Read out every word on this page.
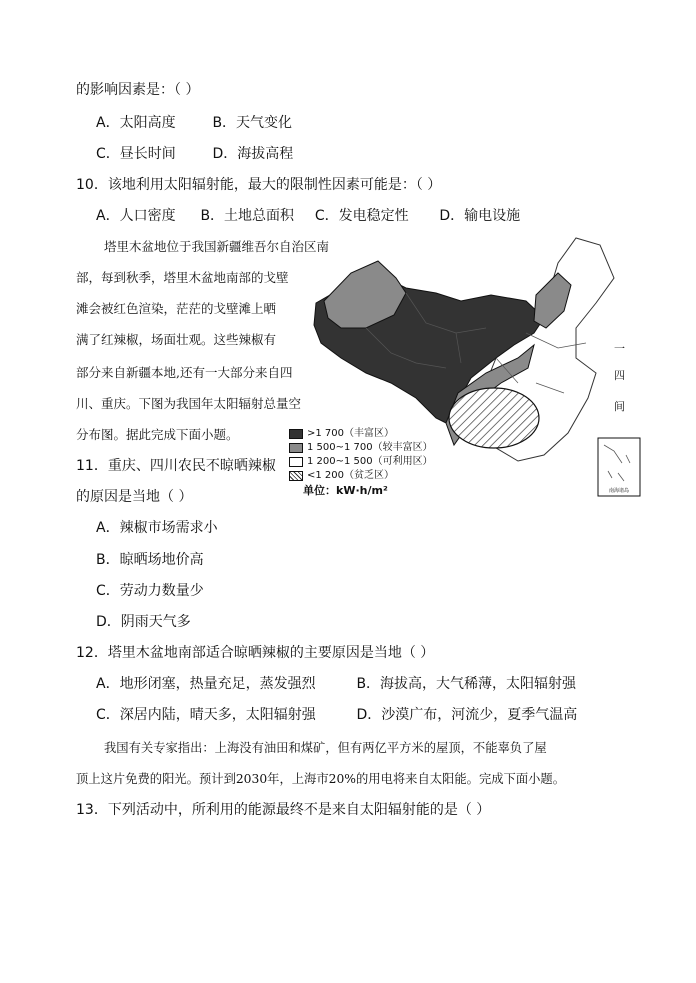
的影响因素是：（ ）
A．太阳高度	B．天气变化
C．昼长时间	D．海拔高程
10．该地利用太阳辐射能，最大的限制性因素可能是：（ ）
A．人口密度 B．土地总面积 C．发电稳定性 D．输电设施
塔里木盆地位于我国新疆维吾尔自治区南
部，每到秋季，塔里木盆地南部的戈壁
滩会被红色渲染，茫茫的戈壁滩上晒
满了红辣椒，场面壮观。这些辣椒有
部分来自新疆本地,还有一大部分来自四
川、重庆。下图为我国年太阳辐射总量空
分布图。据此完成下面小题。
南海诸岛
一
四
间
>1 700（丰富区）
1 500~1 700（较丰富区）
1 200~1 500（可利用区）
<1 200（贫乏区）
单位：kW·h/m²
11．重庆、四川农民不晾晒辣椒
的原因是当地（ ）
A．辣椒市场需求小
B．晾晒场地价高
C．劳动力数量少
D．阴雨天气多
12．塔里木盆地南部适合晾晒辣椒的主要原因是当地（ ）
A．地形闭塞，热量充足，蒸发强烈	B．海拔高，大气稀薄，太阳辐射强
C．深居内陆，晴天多，太阳辐射强	D．沙漠广布，河流少，夏季气温高
我国有关专家指出：上海没有油田和煤矿，但有两亿平方米的屋顶，不能辜负了屋
顶上这片免费的阳光。预计到2030年，上海市20%的用电将来自太阳能。完成下面小题。
13．下列活动中，所利用的能源最终不是来自太阳辐射能的是（ ）
